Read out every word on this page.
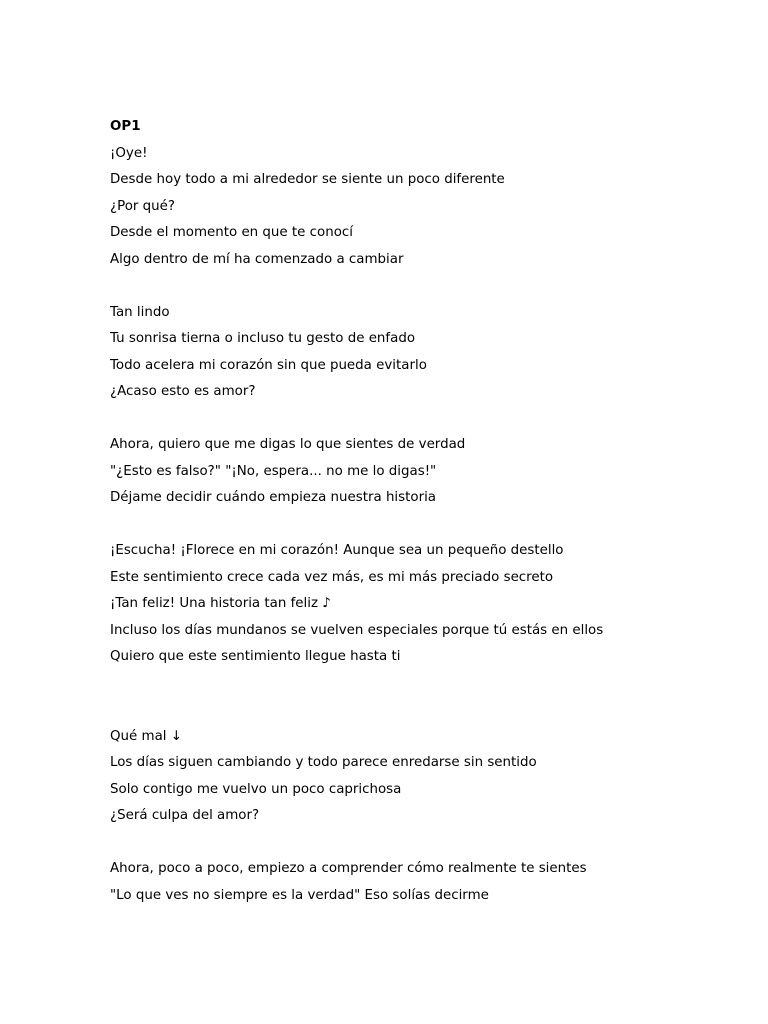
OP1
¡Oye!
Desde hoy todo a mi alrededor se siente un poco diferente
¿Por qué?
Desde el momento en que te conocí
Algo dentro de mí ha comenzado a cambiar
Tan lindo
Tu sonrisa tierna o incluso tu gesto de enfado
Todo acelera mi corazón sin que pueda evitarlo
¿Acaso esto es amor?
Ahora, quiero que me digas lo que sientes de verdad
"¿Esto es falso?" "¡No, espera... no me lo digas!"
Déjame decidir cuándo empieza nuestra historia
¡Escucha! ¡Florece en mi corazón! Aunque sea un pequeño destello
Este sentimiento crece cada vez más, es mi más preciado secreto
¡Tan feliz! Una historia tan feliz ♪
Incluso los días mundanos se vuelven especiales porque tú estás en ellos
Quiero que este sentimiento llegue hasta ti
Qué mal ↓
Los días siguen cambiando y todo parece enredarse sin sentido
Solo contigo me vuelvo un poco caprichosa
¿Será culpa del amor?
Ahora, poco a poco, empiezo a comprender cómo realmente te sientes
"Lo que ves no siempre es la verdad" Eso solías decirme
